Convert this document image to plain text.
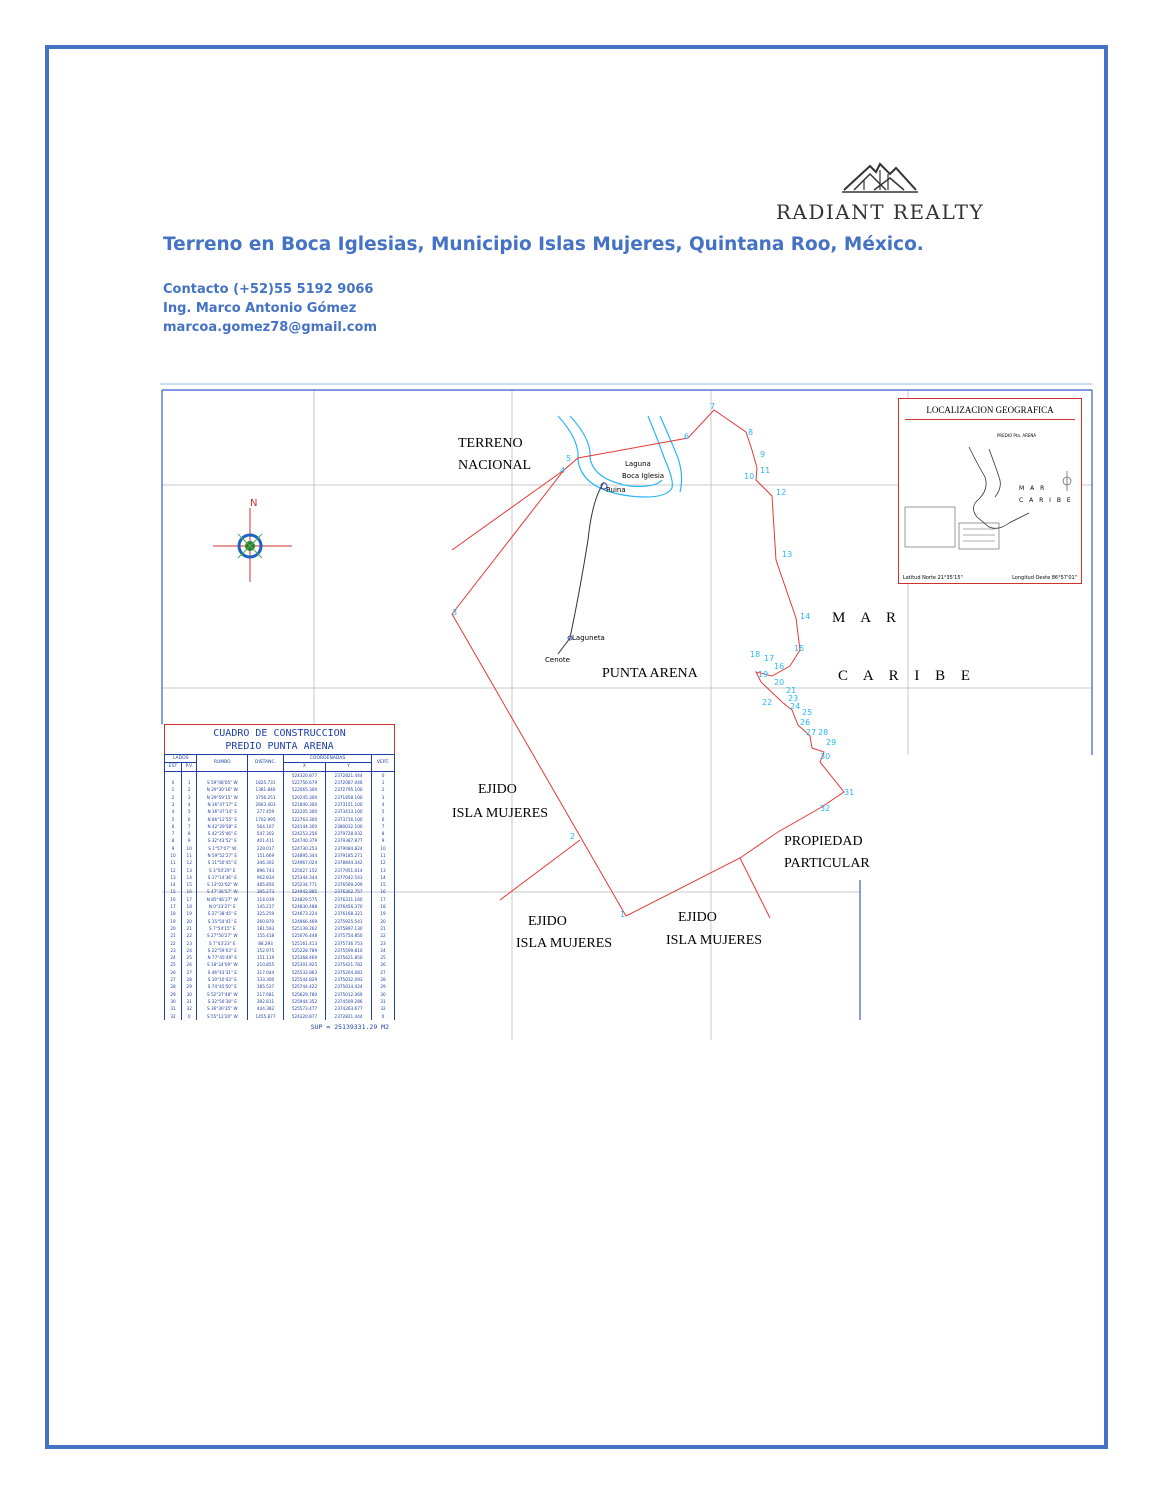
RADIANT REALTY
Terreno en Boca Iglesias, Municipio Islas Mujeres, Quintana Roo, México.
Contacto (+52)55 5192 9066
Ing. Marco Antonio Gómez
marcoa.gomez78@gmail.com
N
TERRENO
NACIONAL	Laguna
Boca Iglesia
Ruina
Laguneta
Cenote
PUNTA ARENA
M A R
C A R I B E
EJIDO
ISLA MUJERES
EJIDO
ISLA MUJERES
EJIDO
ISLA MUJERES
PROPIEDAD
PARTICULAR
1
2
3
4
5
6
7
8
9
10
11
12
13
14
15
16
17
18
19
20
21
22 23
24
25
26
27 28
29
30
31
32
LOCALIZACION GEOGRAFICA
PREDIO Pta. ARENA
M A R
C A R I B E
Latitud Norte 21°35'15"	Longitud Oeste 86°57'01"
CUADRO DE CONSTRUCCION
PREDIO PUNTA ARENA
LADOS		RUMBO	DISTANC.	COORDENADAS		VERT.
EST	P.V.			X	Y	
				524320.877	2372821.444	0
0	1	S 59°08'05" W	1825.731	522756.679	2372087.046	1
1	2	N 29°30'16" W	1381.846	522065.300	2372795.100	2
2	3	N 29°59'15" W	3756.251	520245.300	2371858.100	3
3	4	N 36°47'17" E	2663.403	521840.300	2373151.100	4
4	5	N 36°47'14" E	277.459	522205.300	2373413.100	5
5	6	N 86°12'55" E	1702.995	522763.300	2373716.100	6
6	7	N 42°29'58" E	564.107	524144.300	2380032.100	7
7	8	S 42°25'46" E	547.302	524253.256	2379728.032	8
8	9	S 32°43'52" E	401.411	524740.379	2379387.877	9
9	10	S 1°57'07" W	229.017	524730.253	2379084.824	10
10	11	N 59°52'27" E	151.669	524895.344	2379185.271	11
11	12	S 11°50'45" E	346.302	524967.024	2378844.342	12
12	13	S 3°50'29" E	896.743	525027.152	2377951.614	13
13	14	S 17°14'36" E	962.834	525344.344	2377042.543	14
14	15	S 13°02'02" W	485.850	525234.771	2376569.209	15
15	16	S 47°36'57" W	395.273	524942.885	2376302.757	16
16	17	N 85°46'27" W	114.039	524829.575	2376311.160	17
17	18	N 0°33'27" E	145.217	524830.488	2376456.370	18
18	19	S 27°38'45" E	325.259	524673.224	2376168.321	19
19	20	S 15°54'41" E	260.870	524966.469	2375925.541	20
20	21	S 7°54'15" E	181.593	525139.262	2375897.130	21
21	22	S 27°50'27" W	155.418	525076.448	2375754.850	22
22	23	S 7°43'23" E	88.293	525161.413	2375736.753	23
23	24	S 22°59'03" E	152.975	525228.789	2375599.810	24
24	25	N 77°45'49" E	151.119	525368.469	2375621.850	25
25	26	S 18°24'09" W	210.855	525301.925	2375421.782	26
26	27	S 46°43'31" E	317.044	525532.863	2375204.083	27
27	28	S 10°10'43" E	133.300	525544.829	2375032.093	28
28	29	S 74°45'50" E	185.537	525744.422	2375014.424	29
29	30	S 52°27'48" W	217.681	525629.780	2375012.369	30
30	31	S 32°50'38" E	392.811	525944.352	2374509.286	31
31	32	S 36°30'35" W	444.382	525573.477	2374263.677	32
32	0	S 55°12'20" W	1455.877	524320.877	2372821.444	0
SUP = 25139331.29 M2
